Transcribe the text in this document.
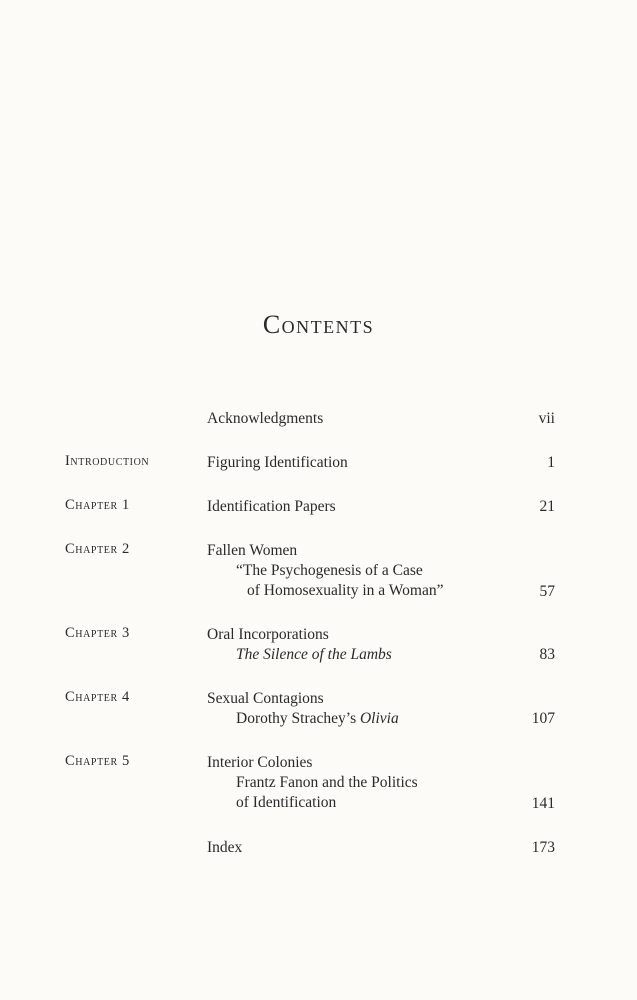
Contents
Acknowledgments	vii
Introduction	Figuring Identification	1
Chapter 1	Identification Papers	21
Chapter 2	Fallen Women
“The Psychogenesis of a Case
of Homosexuality in a Woman”	57
Chapter 3	Oral Incorporations
The Silence of the Lambs	83
Chapter 4	Sexual Contagions
Dorothy Strachey’s Olivia	107
Chapter 5	Interior Colonies
Frantz Fanon and the Politics
of Identification	141
Index	173
